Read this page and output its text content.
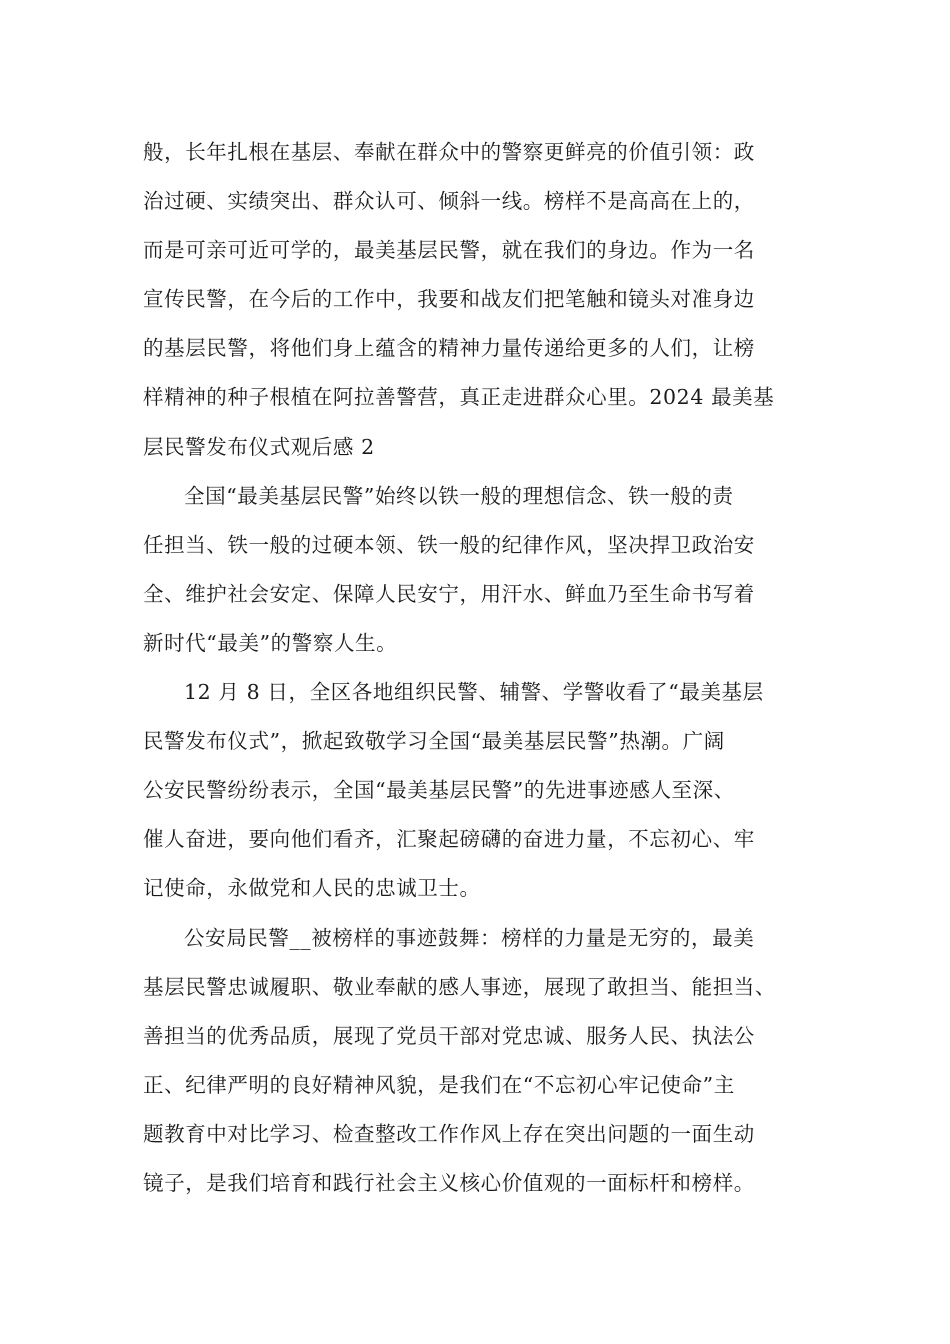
般，长年扎根在基层、奉献在群众中的警察更鲜亮的价值引领：政
治过硬、实绩突出、群众认可、倾斜一线。榜样不是高高在上的，
而是可亲可近可学的，最美基层民警，就在我们的身边。作为一名
宣传民警，在今后的工作中，我要和战友们把笔触和镜头对准身边
的基层民警，将他们身上蕴含的精神力量传递给更多的人们，让榜
样精神的种子根植在阿拉善警营，真正走进群众心里。2024 最美基
层民警发布仪式观后感 2
全国“最美基层民警”始终以铁一般的理想信念、铁一般的责
任担当、铁一般的过硬本领、铁一般的纪律作风，坚决捍卫政治安
全、维护社会安定、保障人民安宁，用汗水、鲜血乃至生命书写着
新时代“最美”的警察人生。
12 月 8 日，全区各地组织民警、辅警、学警收看了“最美基层
民警发布仪式”，掀起致敬学习全国“最美基层民警”热潮。广阔
公安民警纷纷表示，全国“最美基层民警”的先进事迹感人至深、
催人奋进，要向他们看齐，汇聚起磅礴的奋进力量，不忘初心、牢
记使命，永做党和人民的忠诚卫士。
公安局民警__被榜样的事迹鼓舞：榜样的力量是无穷的，最美
基层民警忠诚履职、敬业奉献的感人事迹，展现了敢担当、能担当、
善担当的优秀品质，展现了党员干部对党忠诚、服务人民、执法公
正、纪律严明的良好精神风貌，是我们在“不忘初心牢记使命”主
题教育中对比学习、检查整改工作作风上存在突出问题的一面生动
镜子，是我们培育和践行社会主义核心价值观的一面标杆和榜样。
